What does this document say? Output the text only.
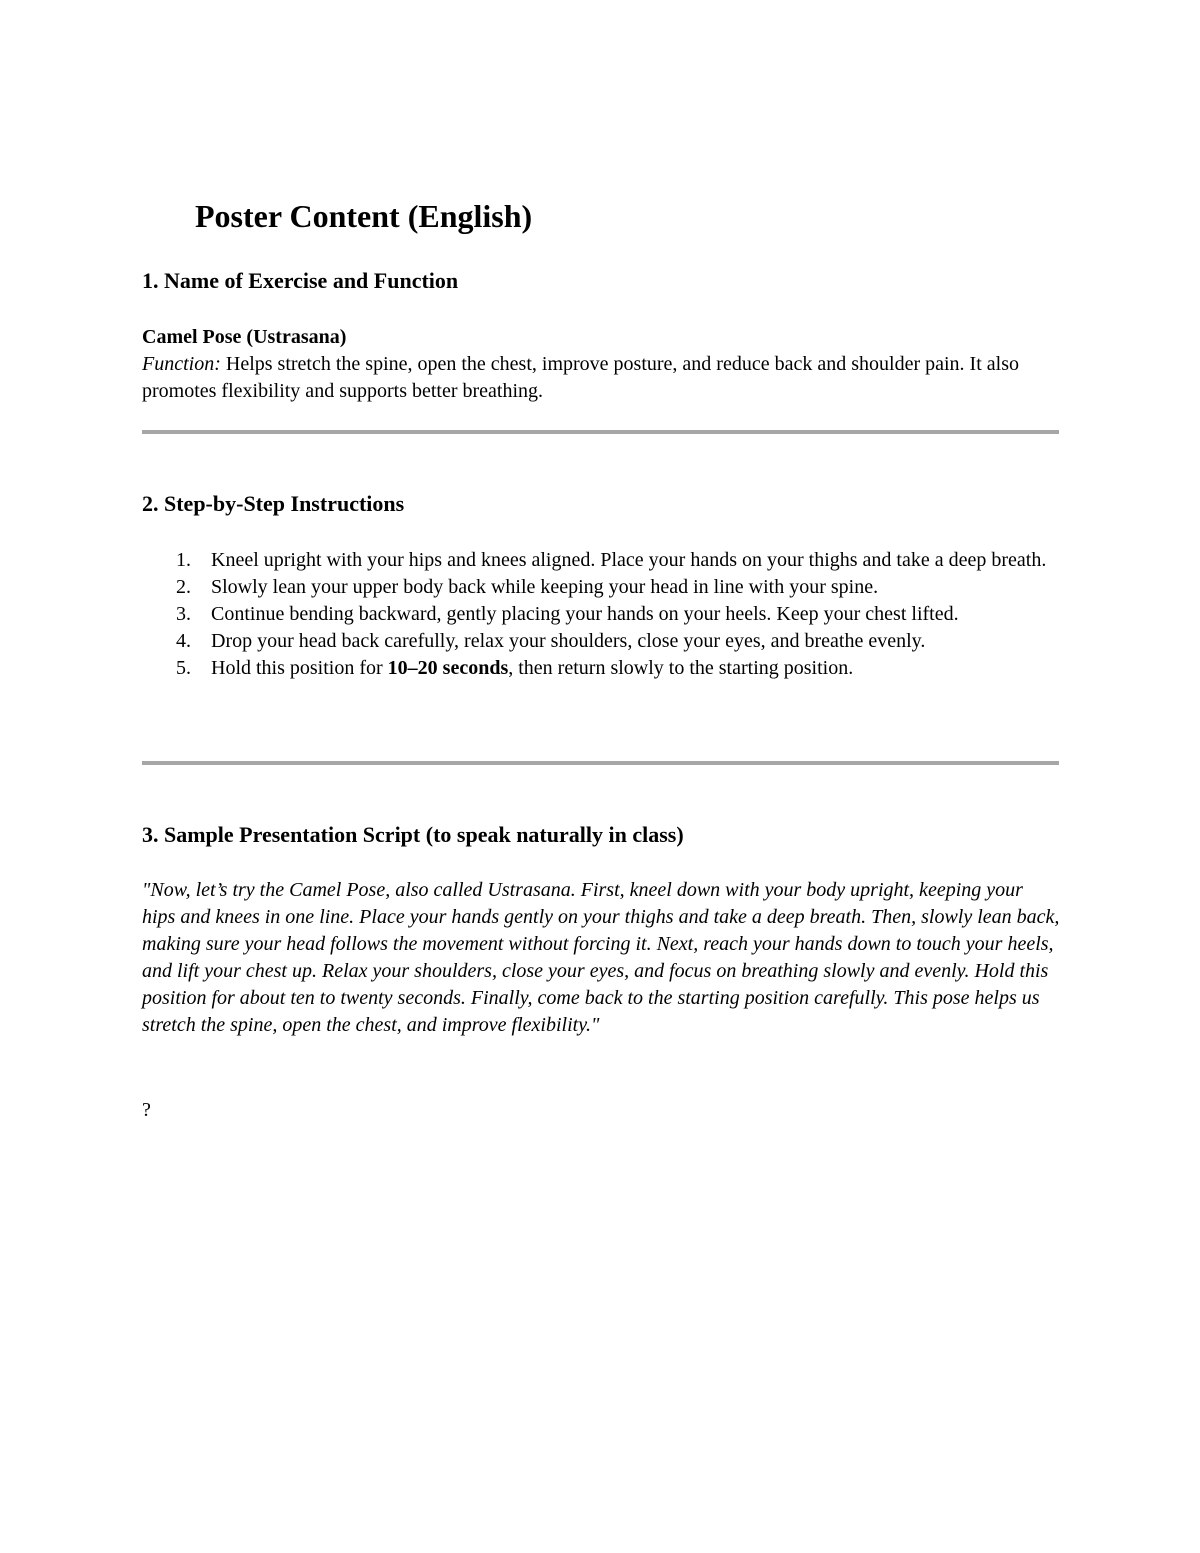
Poster Content (English)
1. Name of Exercise and Function
Camel Pose (Ustrasana)

Function: Helps stretch the spine, open the chest, improve posture, and reduce back and shoulder pain. It also promotes flexibility and supports better breathing.

2. Step-by-Step Instructions
1. Kneel upright with your hips and knees aligned. Place your hands on your thighs and take a deep breath.
2. Slowly lean your upper body back while keeping your head in line with your spine.
3. Continue bending backward, gently placing your hands on your heels. Keep your chest lifted.
4. Drop your head back carefully, relax your shoulders, close your eyes, and breathe evenly.
5. Hold this position for 10–20 seconds, then return slowly to the starting position.
3. Sample Presentation Script (to speak naturally in class)

"Now, let’s try the Camel Pose, also called Ustrasana. First, kneel down with your body upright, keeping your hips and knees in one line. Place your hands gently on your thighs and take a deep breath. Then, slowly lean back, making sure your head follows the movement without forcing it. Next, reach your hands down to touch your heels, and lift your chest up. Relax your shoulders, close your eyes, and focus on breathing slowly and evenly. Hold this position for about ten to twenty seconds. Finally, come back to the starting position carefully. This pose helps us stretch the spine, open the chest, and improve flexibility."

?
